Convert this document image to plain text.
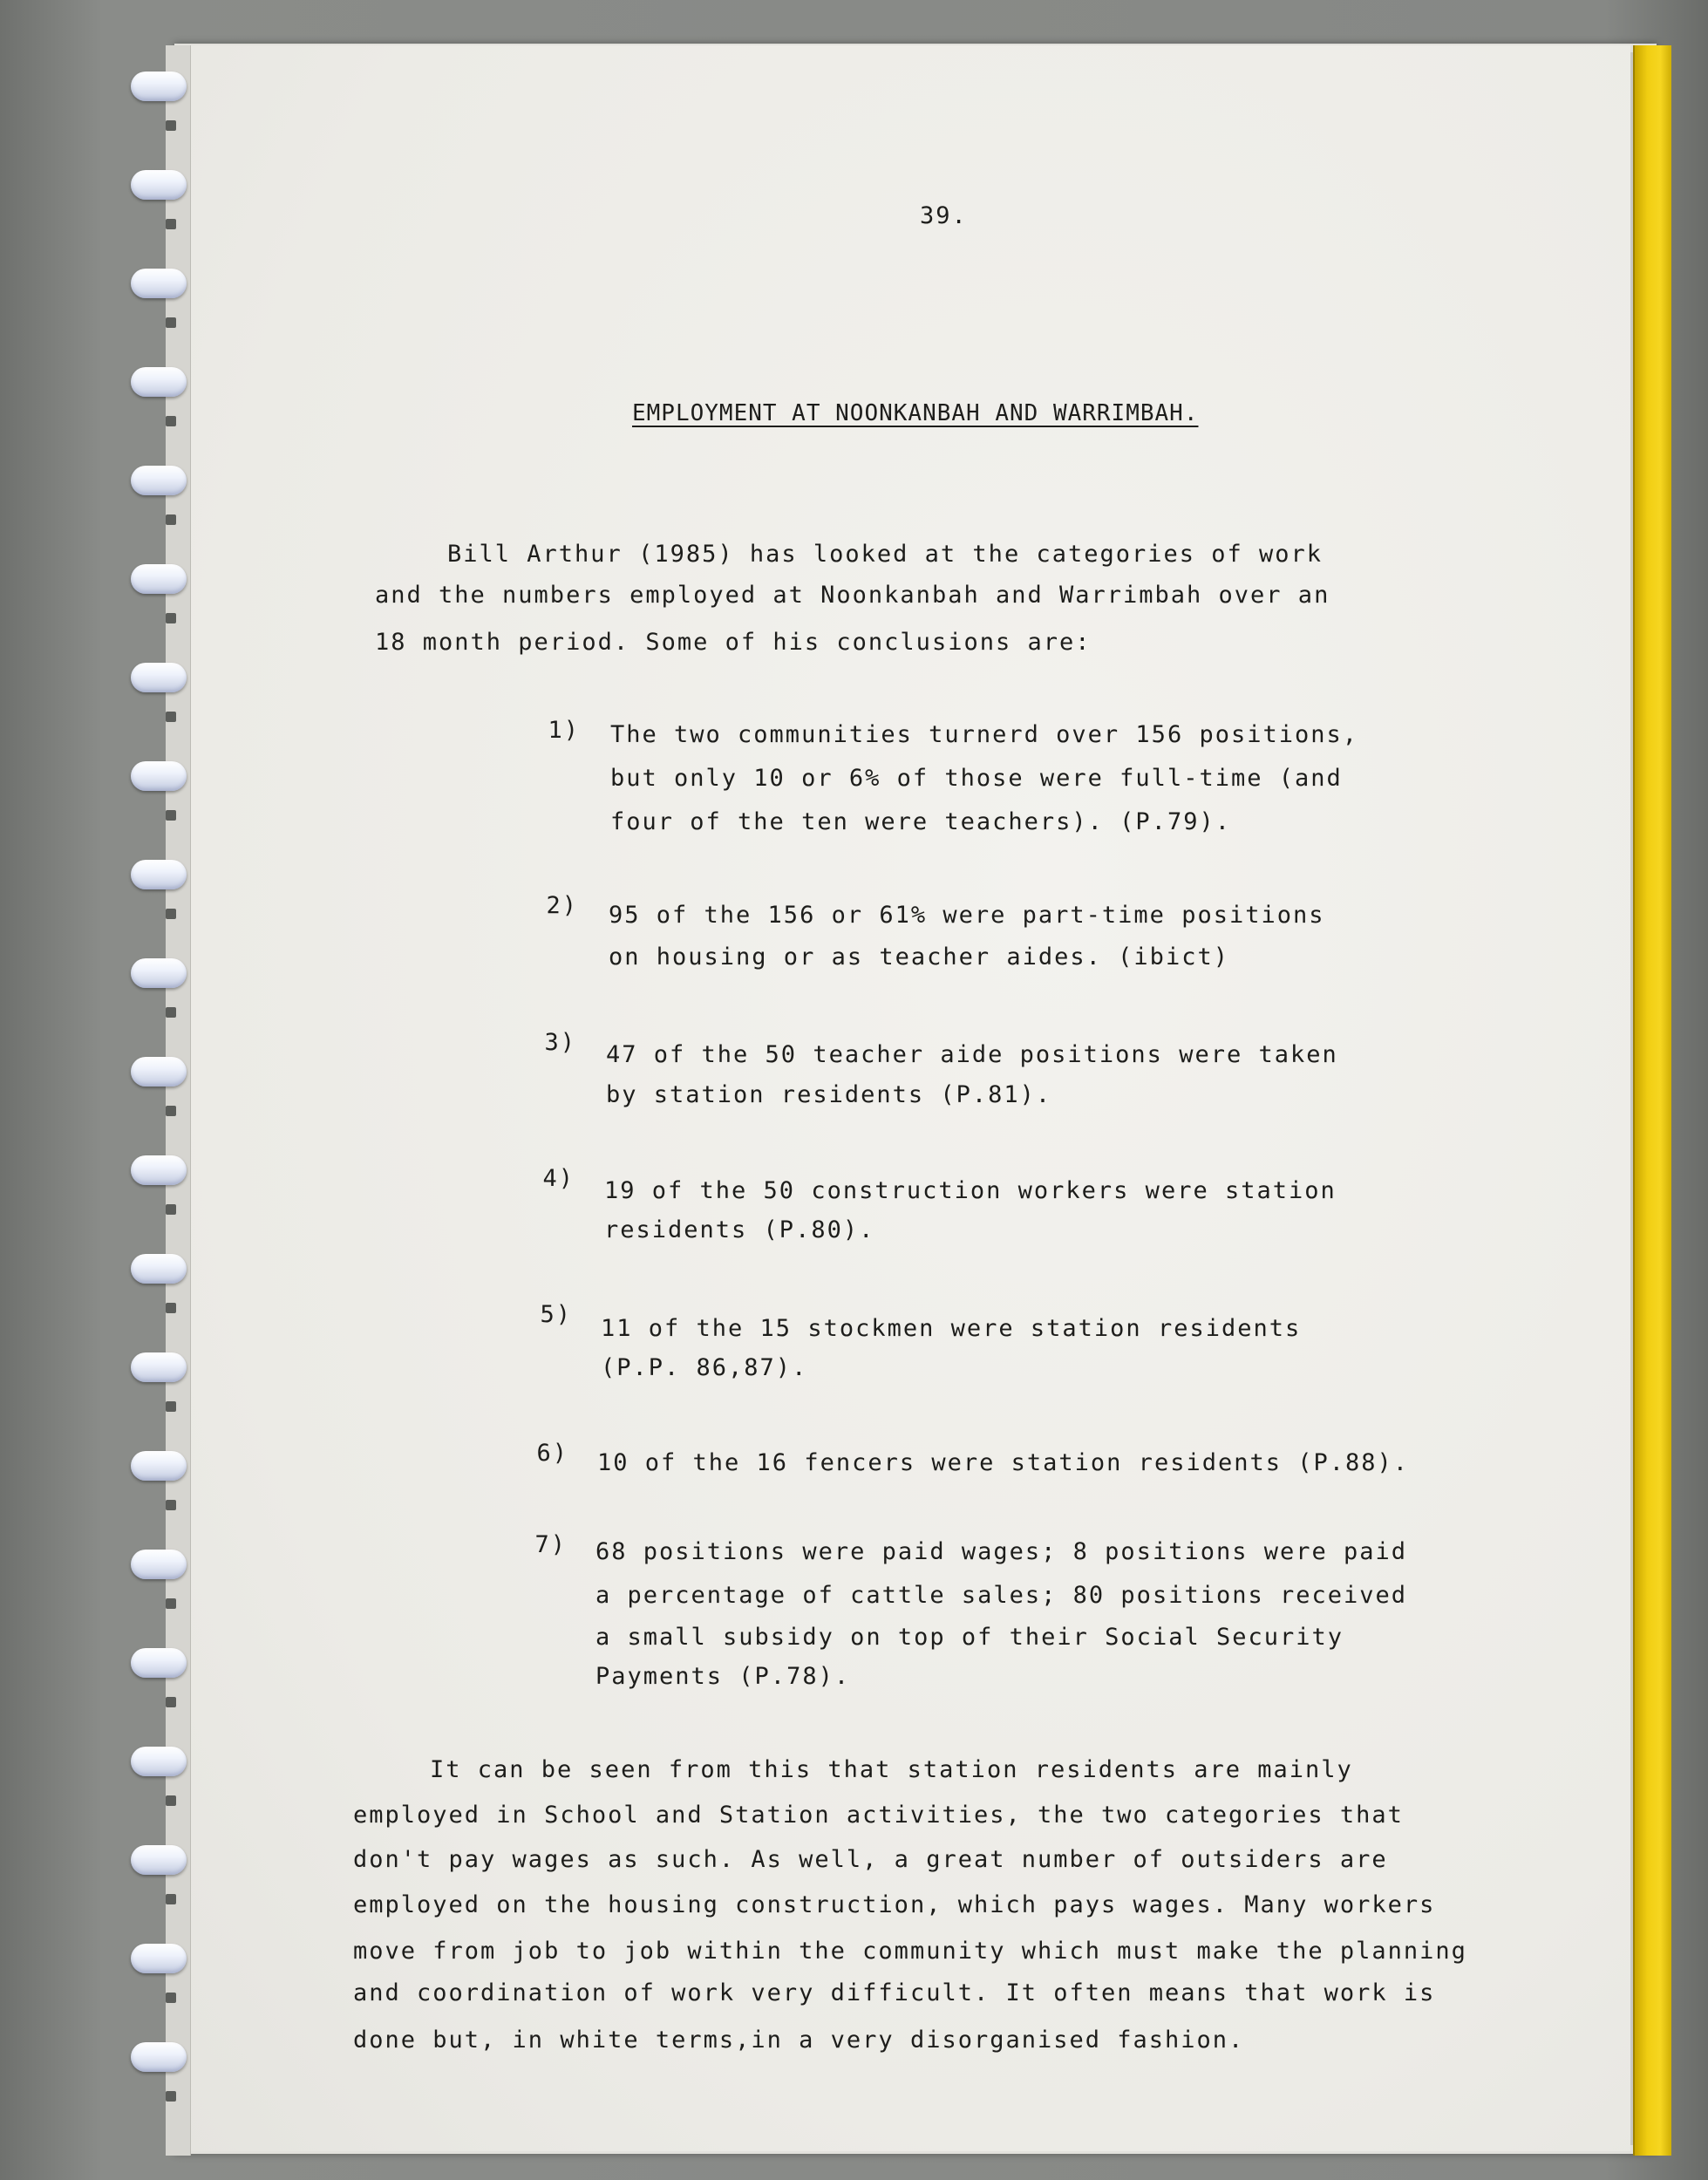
39.
EMPLOYMENT AT NOONKANBAH AND WARRIMBAH.
Bill Arthur (1985) has looked at the categories of work
and the numbers employed at Noonkanbah and Warrimbah over an
18 month period. Some of his conclusions are:
1) The two communities turnerd over 156 positions,
but only 10 or 6% of those were full-time (and
four of the ten were teachers). (P.79).
2) 95 of the 156 or 61% were part-time positions
on housing or as teacher aides. (ibict)
3) 47 of the 50 teacher aide positions were taken
by station residents (P.81).
4) 19 of the 50 construction workers were station
residents (P.80).
5)
11 of the 15 stockmen were station residents
(P.P. 86,87).
6) 10 of the 16 fencers were station residents (P.88).
7) 68 positions were paid wages; 8 positions were paid
a percentage of cattle sales; 80 positions received
a small subsidy on top of their Social Security
Payments (P.78).
It can be seen from this that station residents are mainly
employed in School and Station activities, the two categories that
don't pay wages as such. As well, a great number of outsiders are
employed on the housing construction, which pays wages. Many workers
move from job to job within the community which must make the planning
and coordination of work very difficult. It often means that work is
done but, in white terms,in a very disorganised fashion.
